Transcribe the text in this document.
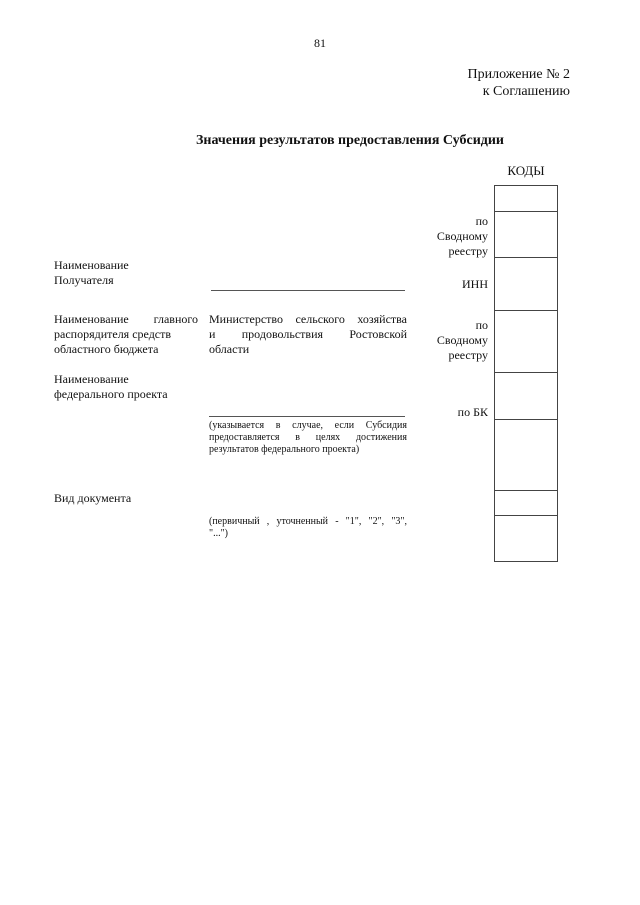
81
Приложение № 2
к Соглашению
Значения результатов предоставления Субсидии
КОДЫ
по
Сводному
реестру
ИНН
по
Сводному
реестру
по БК
Наименование
Получателя
Наименование главного
распорядителя средств
областного бюджета
Министерство сельского хозяйства
и продовольствия Ростовской
области
Наименование
федерального проекта
(указывается в случае, если Субсидия
предоставляется в целях достижения
результатов федерального проекта)
Вид документа
(первичный , уточненный - "1", "2", "3",
"...")
